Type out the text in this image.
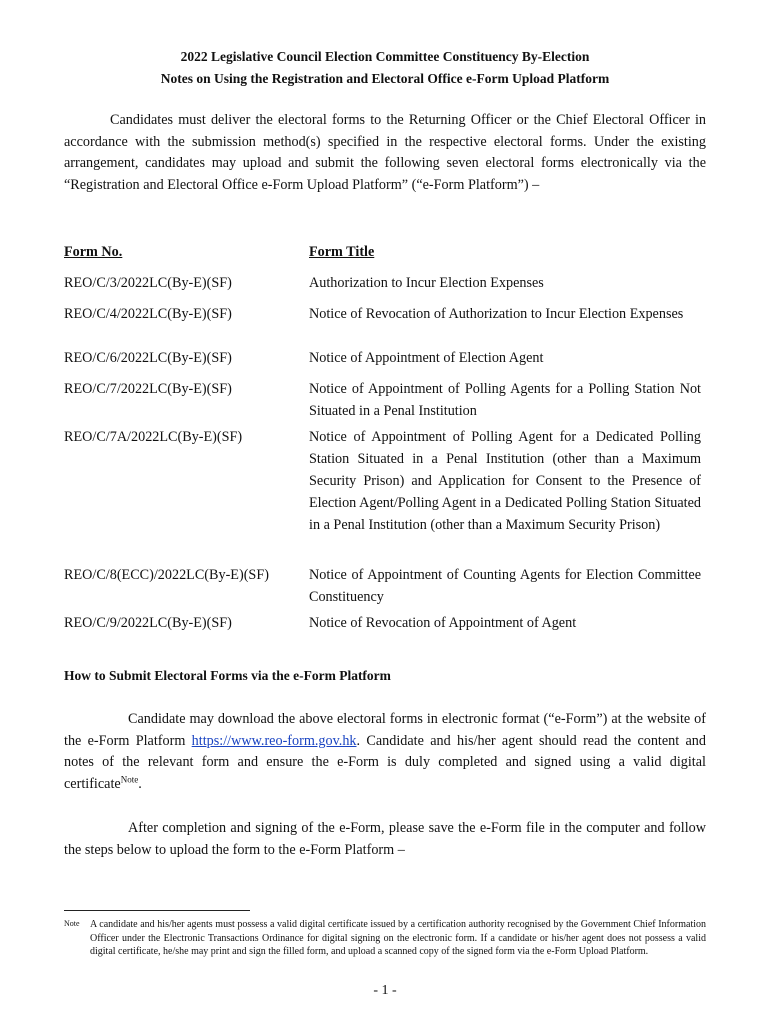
2022 Legislative Council Election Committee Constituency By-Election
Notes on Using the Registration and Electoral Office e-Form Upload Platform
Candidates must deliver the electoral forms to the Returning Officer or the Chief Electoral Officer in accordance with the submission method(s) specified in the respective electoral forms. Under the existing arrangement, candidates may upload and submit the following seven electoral forms electronically via the “Registration and Electoral Office e-Form Upload Platform” (“e-Form Platform”) –
Form No.	Form Title
REO/C/3/2022LC(By-E)(SF)	Authorization to Incur Election Expenses
REO/C/4/2022LC(By-E)(SF)	Notice of Revocation of Authorization to Incur Election Expenses
REO/C/6/2022LC(By-E)(SF)	Notice of Appointment of Election Agent
REO/C/7/2022LC(By-E)(SF)	Notice of Appointment of Polling Agents for a Polling Station Not Situated in a Penal Institution
REO/C/7A/2022LC(By-E)(SF)	Notice of Appointment of Polling Agent for a Dedicated Polling Station Situated in a Penal Institution (other than a Maximum Security Prison) and Application for Consent to the Presence of Election Agent/Polling Agent in a Dedicated Polling Station Situated in a Penal Institution (other than a Maximum Security Prison)
REO/C/8(ECC)/2022LC(By-E)(SF)	Notice of Appointment of Counting Agents for Election Committee Constituency
REO/C/9/2022LC(By-E)(SF)	Notice of Revocation of Appointment of Agent
How to Submit Electoral Forms via the e-Form Platform
Candidate may download the above electoral forms in electronic format (“e-Form”) at the website of the e-Form Platform https://www.reo-form.gov.hk. Candidate and his/her agent should read the content and notes of the relevant form and ensure the e-Form is duly completed and signed using a valid digital certificate$^{Note}$.
After completion and signing of the e-Form, please save the e-Form file in the computer and follow the steps below to upload the form to the e-Form Platform –
Note A candidate and his/her agents must possess a valid digital certificate issued by a certification authority recognised by the Government Chief Information Officer under the Electronic Transactions Ordinance for digital signing on the electronic form. If a candidate or his/her agent does not possess a valid digital certificate, he/she may print and sign the filled form, and upload a scanned copy of the signed form via the e-Form Upload Platform.
- 1 -
